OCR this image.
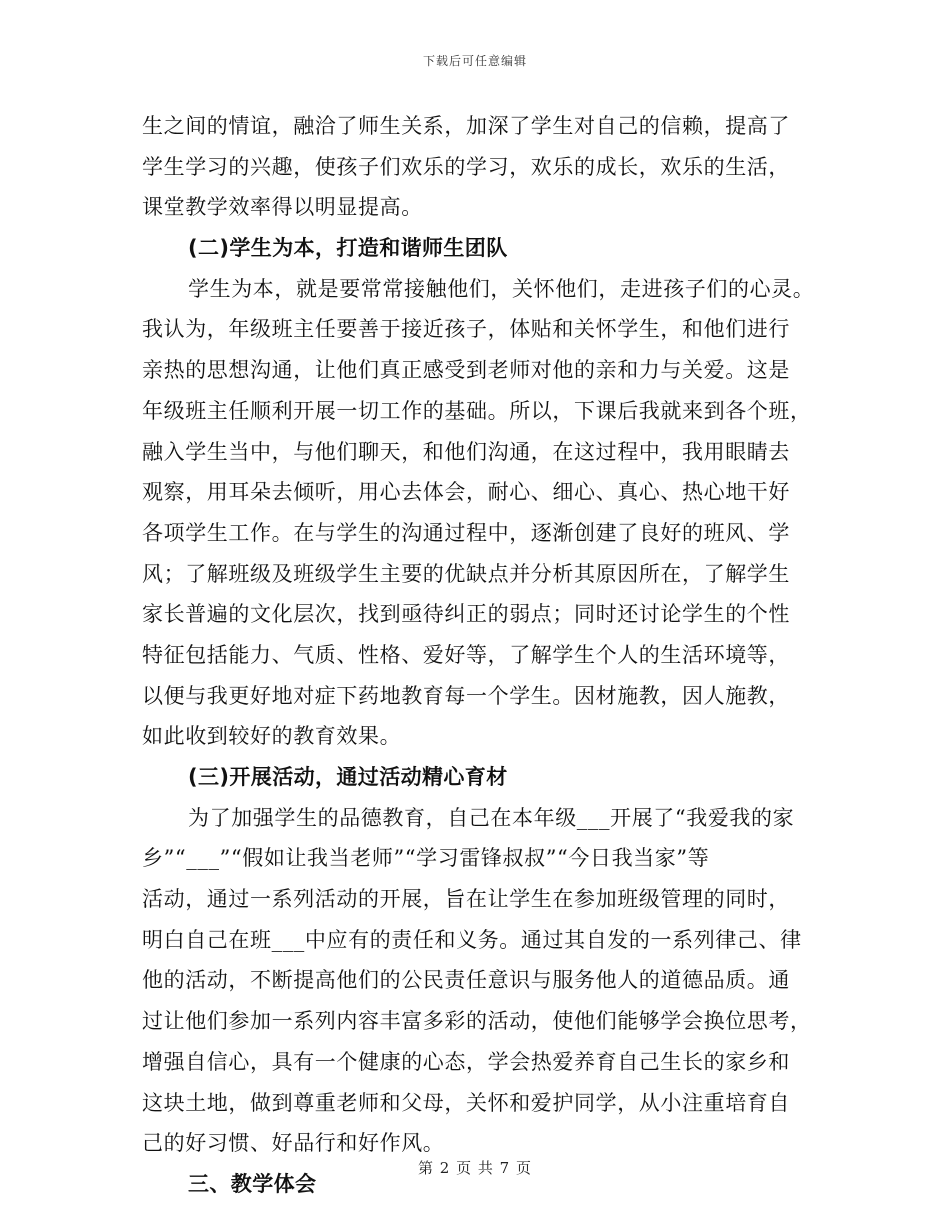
下载后可任意编辑
生之间的情谊，融洽了师生关系，加深了学生对自己的信赖，提高了
学生学习的兴趣，使孩子们欢乐的学习，欢乐的成长，欢乐的生活，
课堂教学效率得以明显提高。
(二)学生为本，打造和谐师生团队
学生为本，就是要常常接触他们，关怀他们，走进孩子们的心灵。
我认为，年级班主任要善于接近孩子，体贴和关怀学生，和他们进行
亲热的思想沟通，让他们真正感受到老师对他的亲和力与关爱。这是
年级班主任顺利开展一切工作的基础。所以，下课后我就来到各个班，
融入学生当中，与他们聊天，和他们沟通，在这过程中，我用眼睛去
观察，用耳朵去倾听，用心去体会，耐心、细心、真心、热心地干好
各项学生工作。在与学生的沟通过程中，逐渐创建了良好的班风、学
风；了解班级及班级学生主要的优缺点并分析其原因所在，了解学生
家长普遍的文化层次，找到亟待纠正的弱点；同时还讨论学生的个性
特征包括能力、气质、性格、爱好等，了解学生个人的生活环境等，
以便与我更好地对症下药地教育每一个学生。因材施教，因人施教，
如此收到较好的教育效果。
(三)开展活动，通过活动精心育材
为了加强学生的品德教育，自己在本年级___开展了“我爱我的家
乡”“___”“假如让我当老师”“学习雷锋叔叔”“今日我当家”等
活动，通过一系列活动的开展，旨在让学生在参加班级管理的同时，
明白自己在班___中应有的责任和义务。通过其自发的一系列律己、律
他的活动，不断提高他们的公民责任意识与服务他人的道德品质。通
过让他们参加一系列内容丰富多彩的活动，使他们能够学会换位思考，
增强自信心，具有一个健康的心态，学会热爱养育自己生长的家乡和
这块土地，做到尊重老师和父母，关怀和爱护同学，从小注重培育自
己的好习惯、好品行和好作风。
三、教学体会
第 2 页 共 7 页
